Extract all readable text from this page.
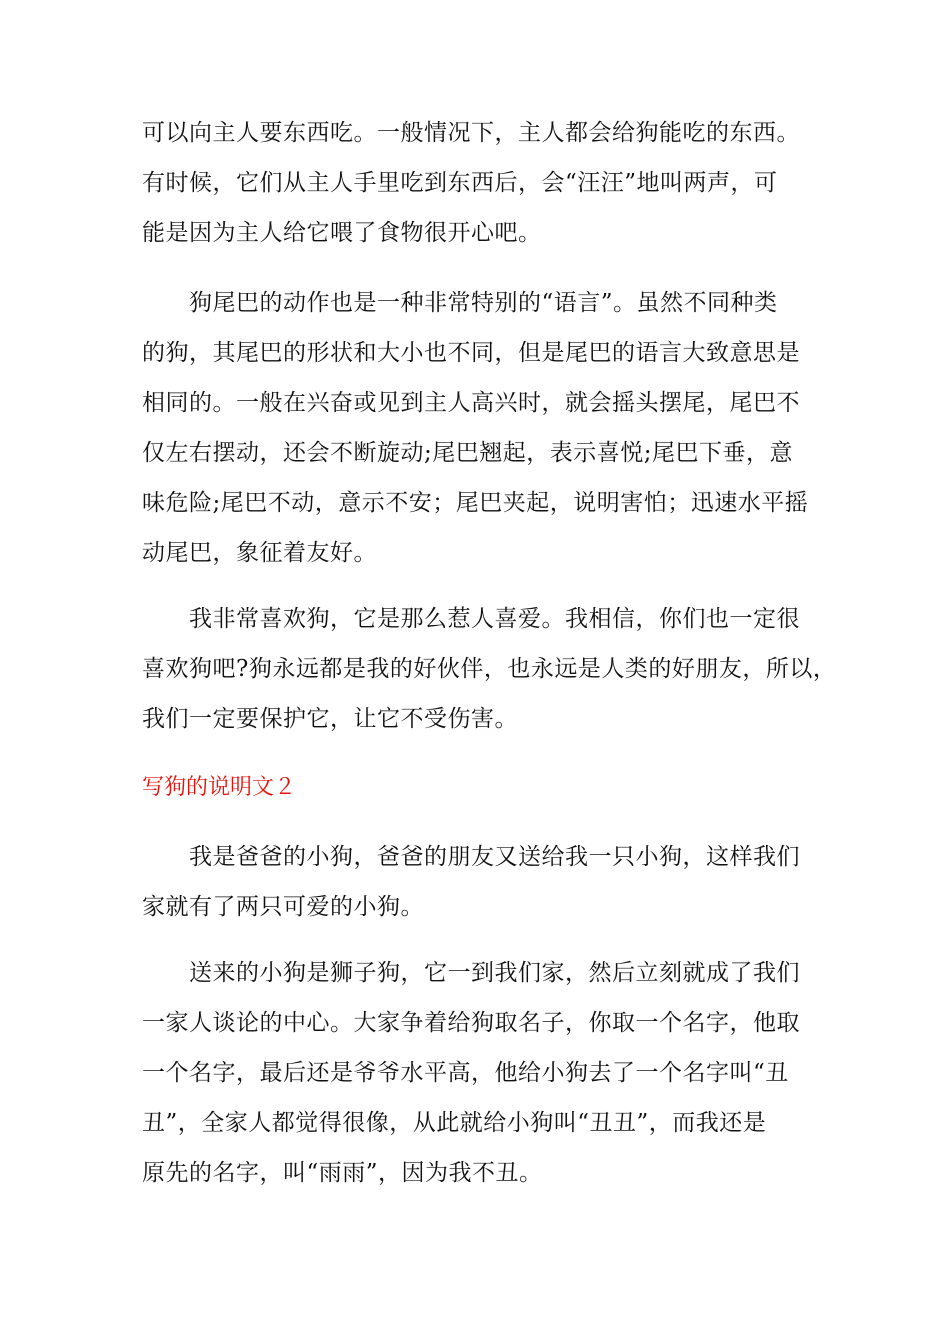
可以向主人要东西吃。一般情况下，主人都会给狗能吃的东西。
有时候，它们从主人手里吃到东西后，会“汪汪”地叫两声，可
能是因为主人给它喂了食物很开心吧。
　　狗尾巴的动作也是一种非常特别的“语言”。虽然不同种类
的狗，其尾巴的形状和大小也不同，但是尾巴的语言大致意思是
相同的。一般在兴奋或见到主人高兴时，就会摇头摆尾，尾巴不
仅左右摆动，还会不断旋动;尾巴翘起，表示喜悦;尾巴下垂，意
味危险;尾巴不动，意示不安；尾巴夹起，说明害怕；迅速水平摇
动尾巴，象征着友好。
　　我非常喜欢狗，它是那么惹人喜爱。我相信，你们也一定很
喜欢狗吧?狗永远都是我的好伙伴，也永远是人类的好朋友，所以，
我们一定要保护它，让它不受伤害。
写狗的说明文２
　　我是爸爸的小狗，爸爸的朋友又送给我一只小狗，这样我们
家就有了两只可爱的小狗。
　　送来的小狗是狮子狗，它一到我们家，然后立刻就成了我们
一家人谈论的中心。大家争着给狗取名子，你取一个名字，他取
一个名字，最后还是爷爷水平高，他给小狗去了一个名字叫“丑
丑”，全家人都觉得很像，从此就给小狗叫“丑丑”，而我还是
原先的名字，叫“雨雨”，因为我不丑。
